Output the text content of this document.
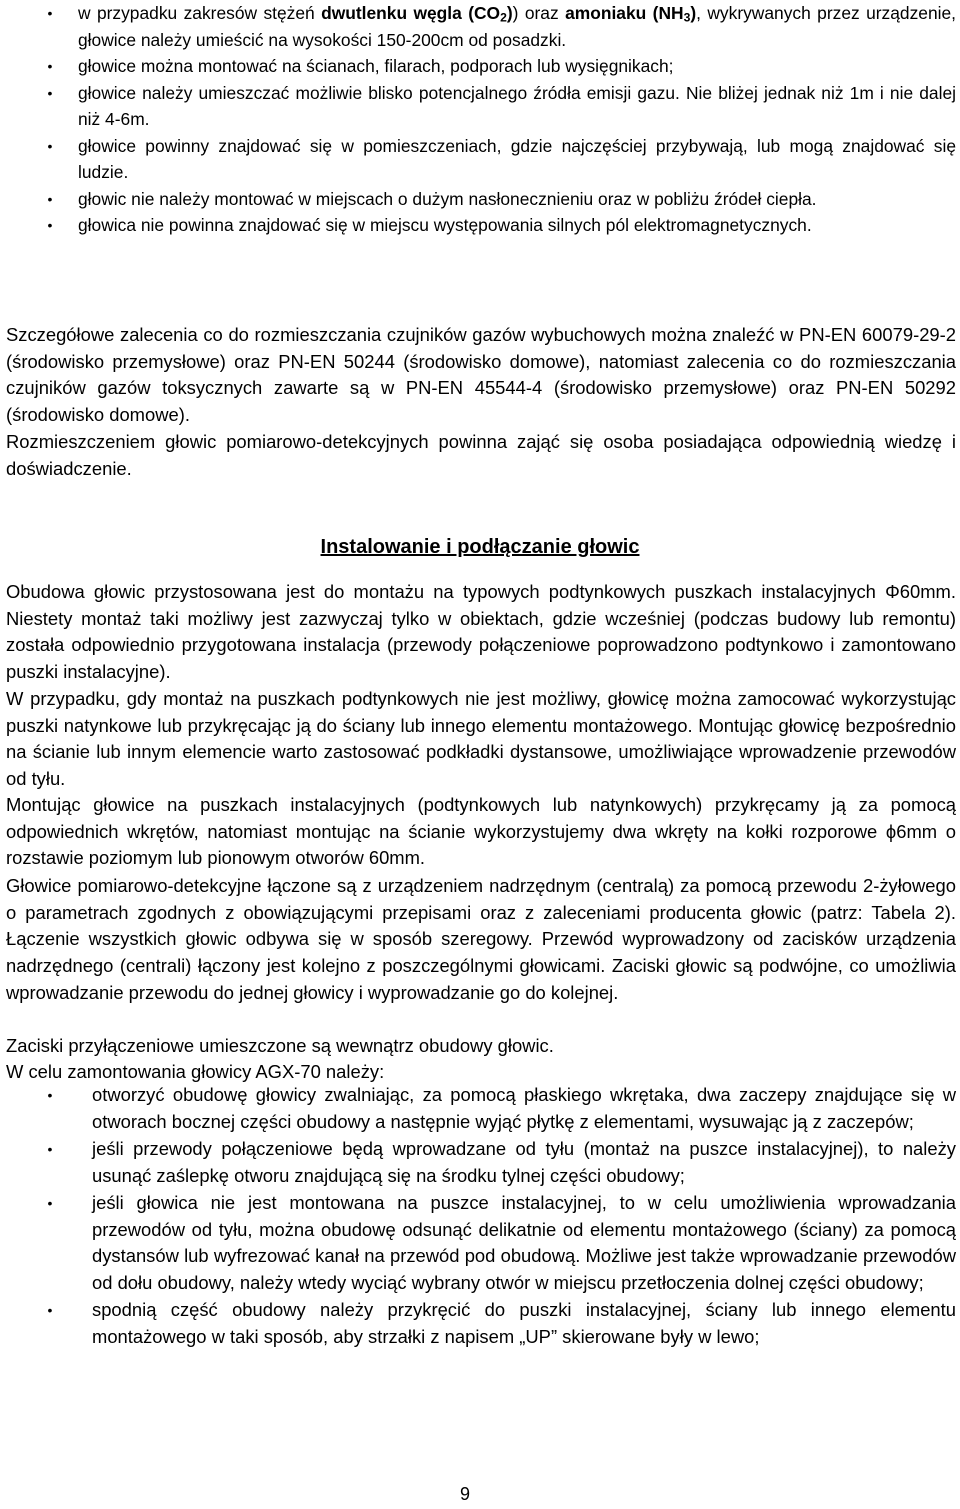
•	w przypadku zakresów stężeń dwutlenku węgla $(CO_2)$) oraz amoniaku $(NH_3)$, wykrywanych przez urządzenie, głowice należy umieścić na wysokości 150-200cm od posadzki.
•	głowice można montować na ścianach, filarach, podporach lub wysięgnikach;
•	głowice należy umieszczać możliwie blisko potencjalnego źródła emisji gazu. Nie bliżej jednak niż 1m i nie dalej niż 4-6m.
•	głowice powinny znajdować się w pomieszczeniach, gdzie najczęściej przybywają, lub mogą znajdować się ludzie.
•	głowic nie należy montować w miejscach o dużym nasłonecznieniu oraz w pobliżu źródeł ciepła.
•	głowica nie powinna znajdować się w miejscu występowania silnych pól elektromagnetycznych.

Szczegółowe zalecenia co do rozmieszczania czujników gazów wybuchowych można znaleźć w PN-EN 60079-29-2 (środowisko przemysłowe) oraz PN-EN 50244 (środowisko domowe), natomiast zalecenia co do rozmieszczania czujników gazów toksycznych zawarte są w PN-EN 45544-4 (środowisko przemysłowe) oraz PN-EN 50292 (środowisko domowe).

Rozmieszczeniem głowic pomiarowo-detekcyjnych powinna zająć się osoba posiadająca odpowiednią wiedzę i doświadczenie.

Instalowanie i podłączanie głowic

Obudowa głowic przystosowana jest do montażu na typowych podtynkowych puszkach instalacyjnych Φ60mm. Niestety montaż taki możliwy jest zazwyczaj tylko w obiektach, gdzie wcześniej (podczas budowy lub remontu) została odpowiednio przygotowana instalacja (przewody połączeniowe poprowadzono podtynkowo i zamontowano puszki instalacyjne).

W przypadku, gdy montaż na puszkach podtynkowych nie jest możliwy, głowicę można zamocować wykorzystując puszki natynkowe lub przykręcając ją do ściany lub innego elementu montażowego. Montując głowicę bezpośrednio na ścianie lub innym elemencie warto zastosować podkładki dystansowe, umożliwiające wprowadzenie przewodów od tyłu.

Montując głowice na puszkach instalacyjnych (podtynkowych lub natynkowych) przykręcamy ją za pomocą odpowiednich wkrętów, natomiast montując na ścianie wykorzystujemy dwa wkręty na kołki rozporowe ϕ6mm o rozstawie poziomym lub pionowym otworów 60mm.

Głowice pomiarowo-detekcyjne łączone są z urządzeniem nadrzędnym (centralą) za pomocą przewodu 2-żyłowego o parametrach zgodnych z obowiązującymi przepisami oraz z zaleceniami producenta głowic (patrz: Tabela 2). Łączenie wszystkich głowic odbywa się w sposób szeregowy. Przewód wyprowadzony od zacisków urządzenia nadrzędnego (centrali) łączony jest kolejno z poszczególnymi głowicami. Zaciski głowic są podwójne, co umożliwia wprowadzanie przewodu do jednej głowicy i wyprowadzanie go do kolejnej.

Zaciski przyłączeniowe umieszczone są wewnątrz obudowy głowic.

W celu zamontowania głowicy AGX-70 należy:

•	otworzyć obudowę głowicy zwalniając, za pomocą płaskiego wkrętaka, dwa zaczepy znajdujące się w otworach bocznej części obudowy a następnie wyjąć płytkę z elementami, wysuwając ją z zaczepów;
•	jeśli przewody połączeniowe będą wprowadzane od tyłu (montaż na puszce instalacyjnej), to należy usunąć zaślepkę otworu znajdującą się na środku tylnej części obudowy;
•	jeśli głowica nie jest montowana na puszce instalacyjnej, to w celu umożliwienia wprowadzania przewodów od tyłu, można obudowę odsunąć delikatnie od elementu montażowego (ściany) za pomocą dystansów lub wyfrezować kanał na przewód pod obudową. Możliwe jest także wprowadzanie przewodów od dołu obudowy, należy wtedy wyciąć wybrany otwór w miejscu przetłoczenia dolnej części obudowy;
•	spodnią część obudowy należy przykręcić do puszki instalacyjnej, ściany lub innego elementu montażowego w taki sposób, aby strzałki z napisem „UP” skierowane były w lewo;
9
